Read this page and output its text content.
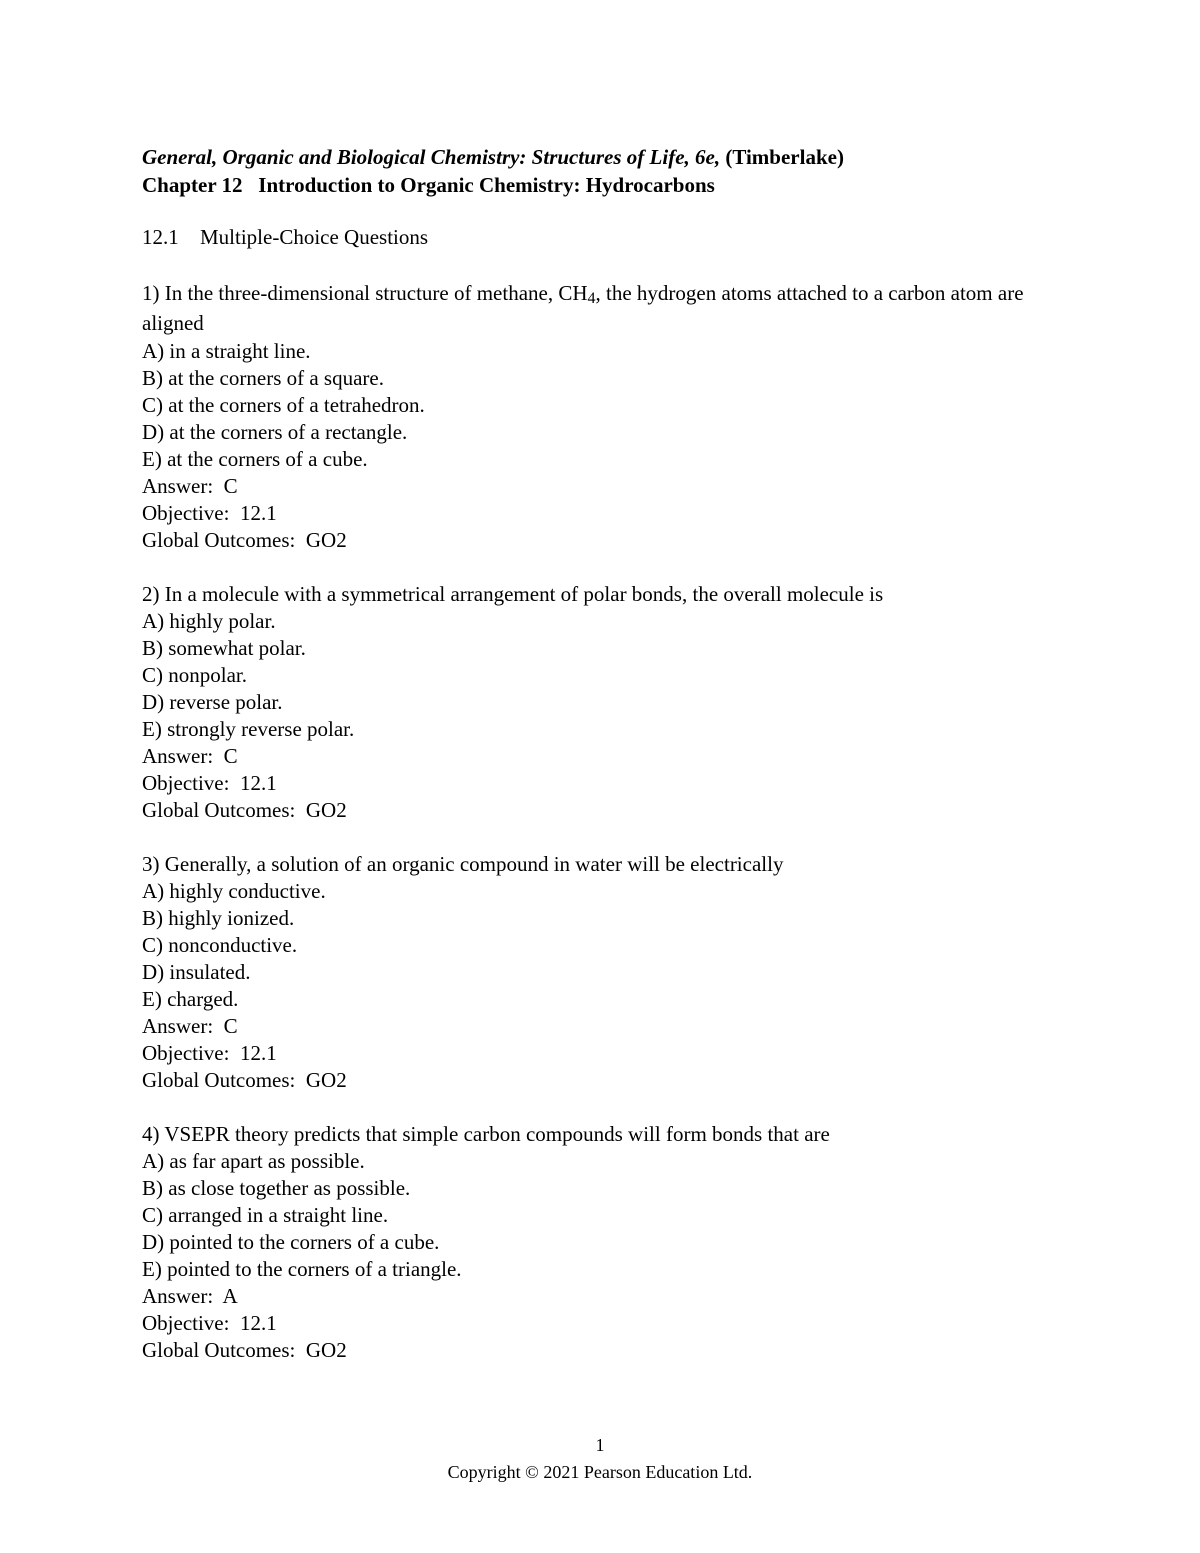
General, Organic and Biological Chemistry: Structures of Life, 6e, (Timberlake)
Chapter 12   Introduction to Organic Chemistry: Hydrocarbons
12.1 Multiple-Choice Questions
1) In the three-dimensional structure of methane, $CH_4$, the hydrogen atoms attached to a carbon atom are aligned
A) in a straight line.
B) at the corners of a square.
C) at the corners of a tetrahedron.
D) at the corners of a rectangle.
E) at the corners of a cube.
Answer:  C
Objective:  12.1
Global Outcomes:  GO2
2) In a molecule with a symmetrical arrangement of polar bonds, the overall molecule is
A) highly polar.
B) somewhat polar.
C) nonpolar.
D) reverse polar.
E) strongly reverse polar.
Answer:  C
Objective:  12.1
Global Outcomes:  GO2
3) Generally, a solution of an organic compound in water will be electrically
A) highly conductive.
B) highly ionized.
C) nonconductive.
D) insulated.
E) charged.
Answer:  C
Objective:  12.1
Global Outcomes:  GO2
4) VSEPR theory predicts that simple carbon compounds will form bonds that are
A) as far apart as possible.
B) as close together as possible.
C) arranged in a straight line.
D) pointed to the corners of a cube.
E) pointed to the corners of a triangle.
Answer:  A
Objective:  12.1
Global Outcomes:  GO2
1
Copyright © 2021 Pearson Education Ltd.
